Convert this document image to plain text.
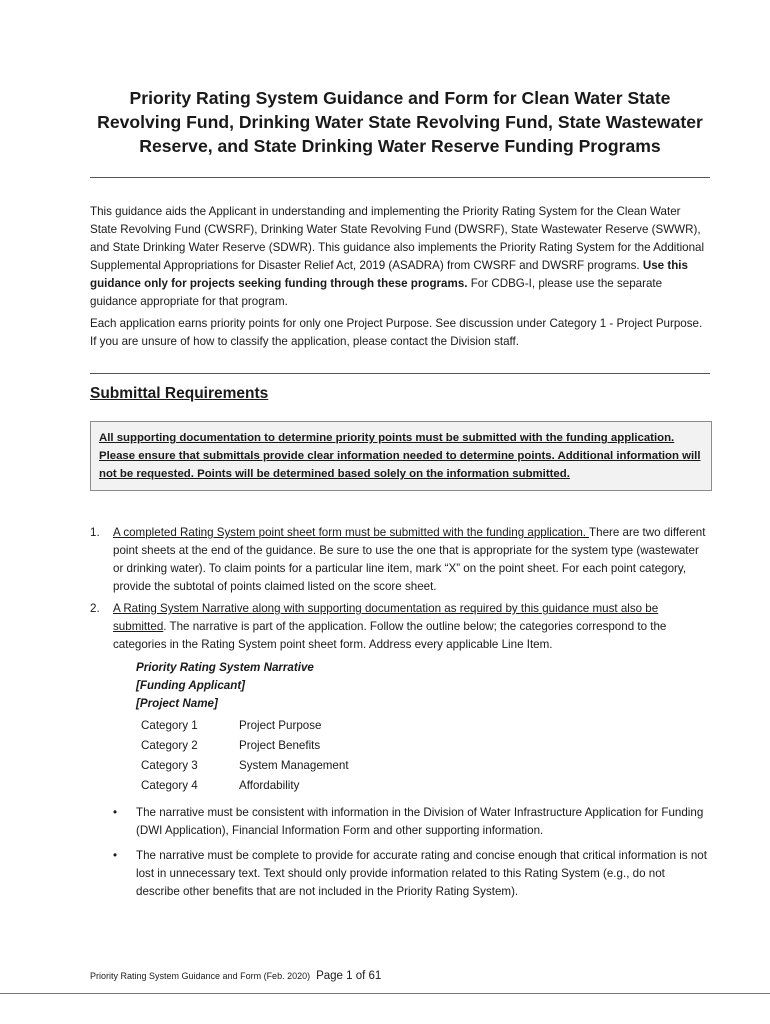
Priority Rating System Guidance and Form for Clean Water State Revolving Fund, Drinking Water State Revolving Fund, State Wastewater Reserve, and State Drinking Water Reserve Funding Programs

This guidance aids the Applicant in understanding and implementing the Priority Rating System for the Clean Water State Revolving Fund (CWSRF), Drinking Water State Revolving Fund (DWSRF), State Wastewater Reserve (SWWR), and State Drinking Water Reserve (SDWR). This guidance also implements the Priority Rating System for the Additional Supplemental Appropriations for Disaster Relief Act, 2019 (ASADRA) from CWSRF and DWSRF programs. Use this guidance only for projects seeking funding through these programs. For CDBG-I, please use the separate guidance appropriate for that program.

Each application earns priority points for only one Project Purpose. See discussion under Category 1 - Project Purpose. If you are unsure of how to classify the application, please contact the Division staff.

Submittal Requirements
All supporting documentation to determine priority points must be submitted with the funding application. Please ensure that submittals provide clear information needed to determine points. Additional information will not be requested. Points will be determined based solely on the information submitted.
1.	A completed Rating System point sheet form must be submitted with the funding application. There are two different point sheets at the end of the guidance. Be sure to use the one that is appropriate for the system type (wastewater or drinking water). To claim points for a particular line item, mark “X” on the point sheet. For each point category, provide the subtotal of points claimed listed on the score sheet.
2.	A Rating System Narrative along with supporting documentation as required by this guidance must also be submitted. The narrative is part of the application. Follow the outline below; the categories correspond to the categories in the Rating System point sheet form. Address every applicable Line Item.
Priority Rating System Narrative
[Funding Applicant]
[Project Name]
Category 1	Project Purpose
Category 2	Project Benefits
Category 3	System Management
Category 4	Affordability
• The narrative must be consistent with information in the Division of Water Infrastructure Application for Funding (DWI Application), Financial Information Form and other supporting information.
• The narrative must be complete to provide for accurate rating and concise enough that critical information is not lost in unnecessary text. Text should only provide information related to this Rating System (e.g., do not describe other benefits that are not included in the Priority Rating System).
Priority Rating System Guidance and Form (Feb. 2020) Page 1 of 61
